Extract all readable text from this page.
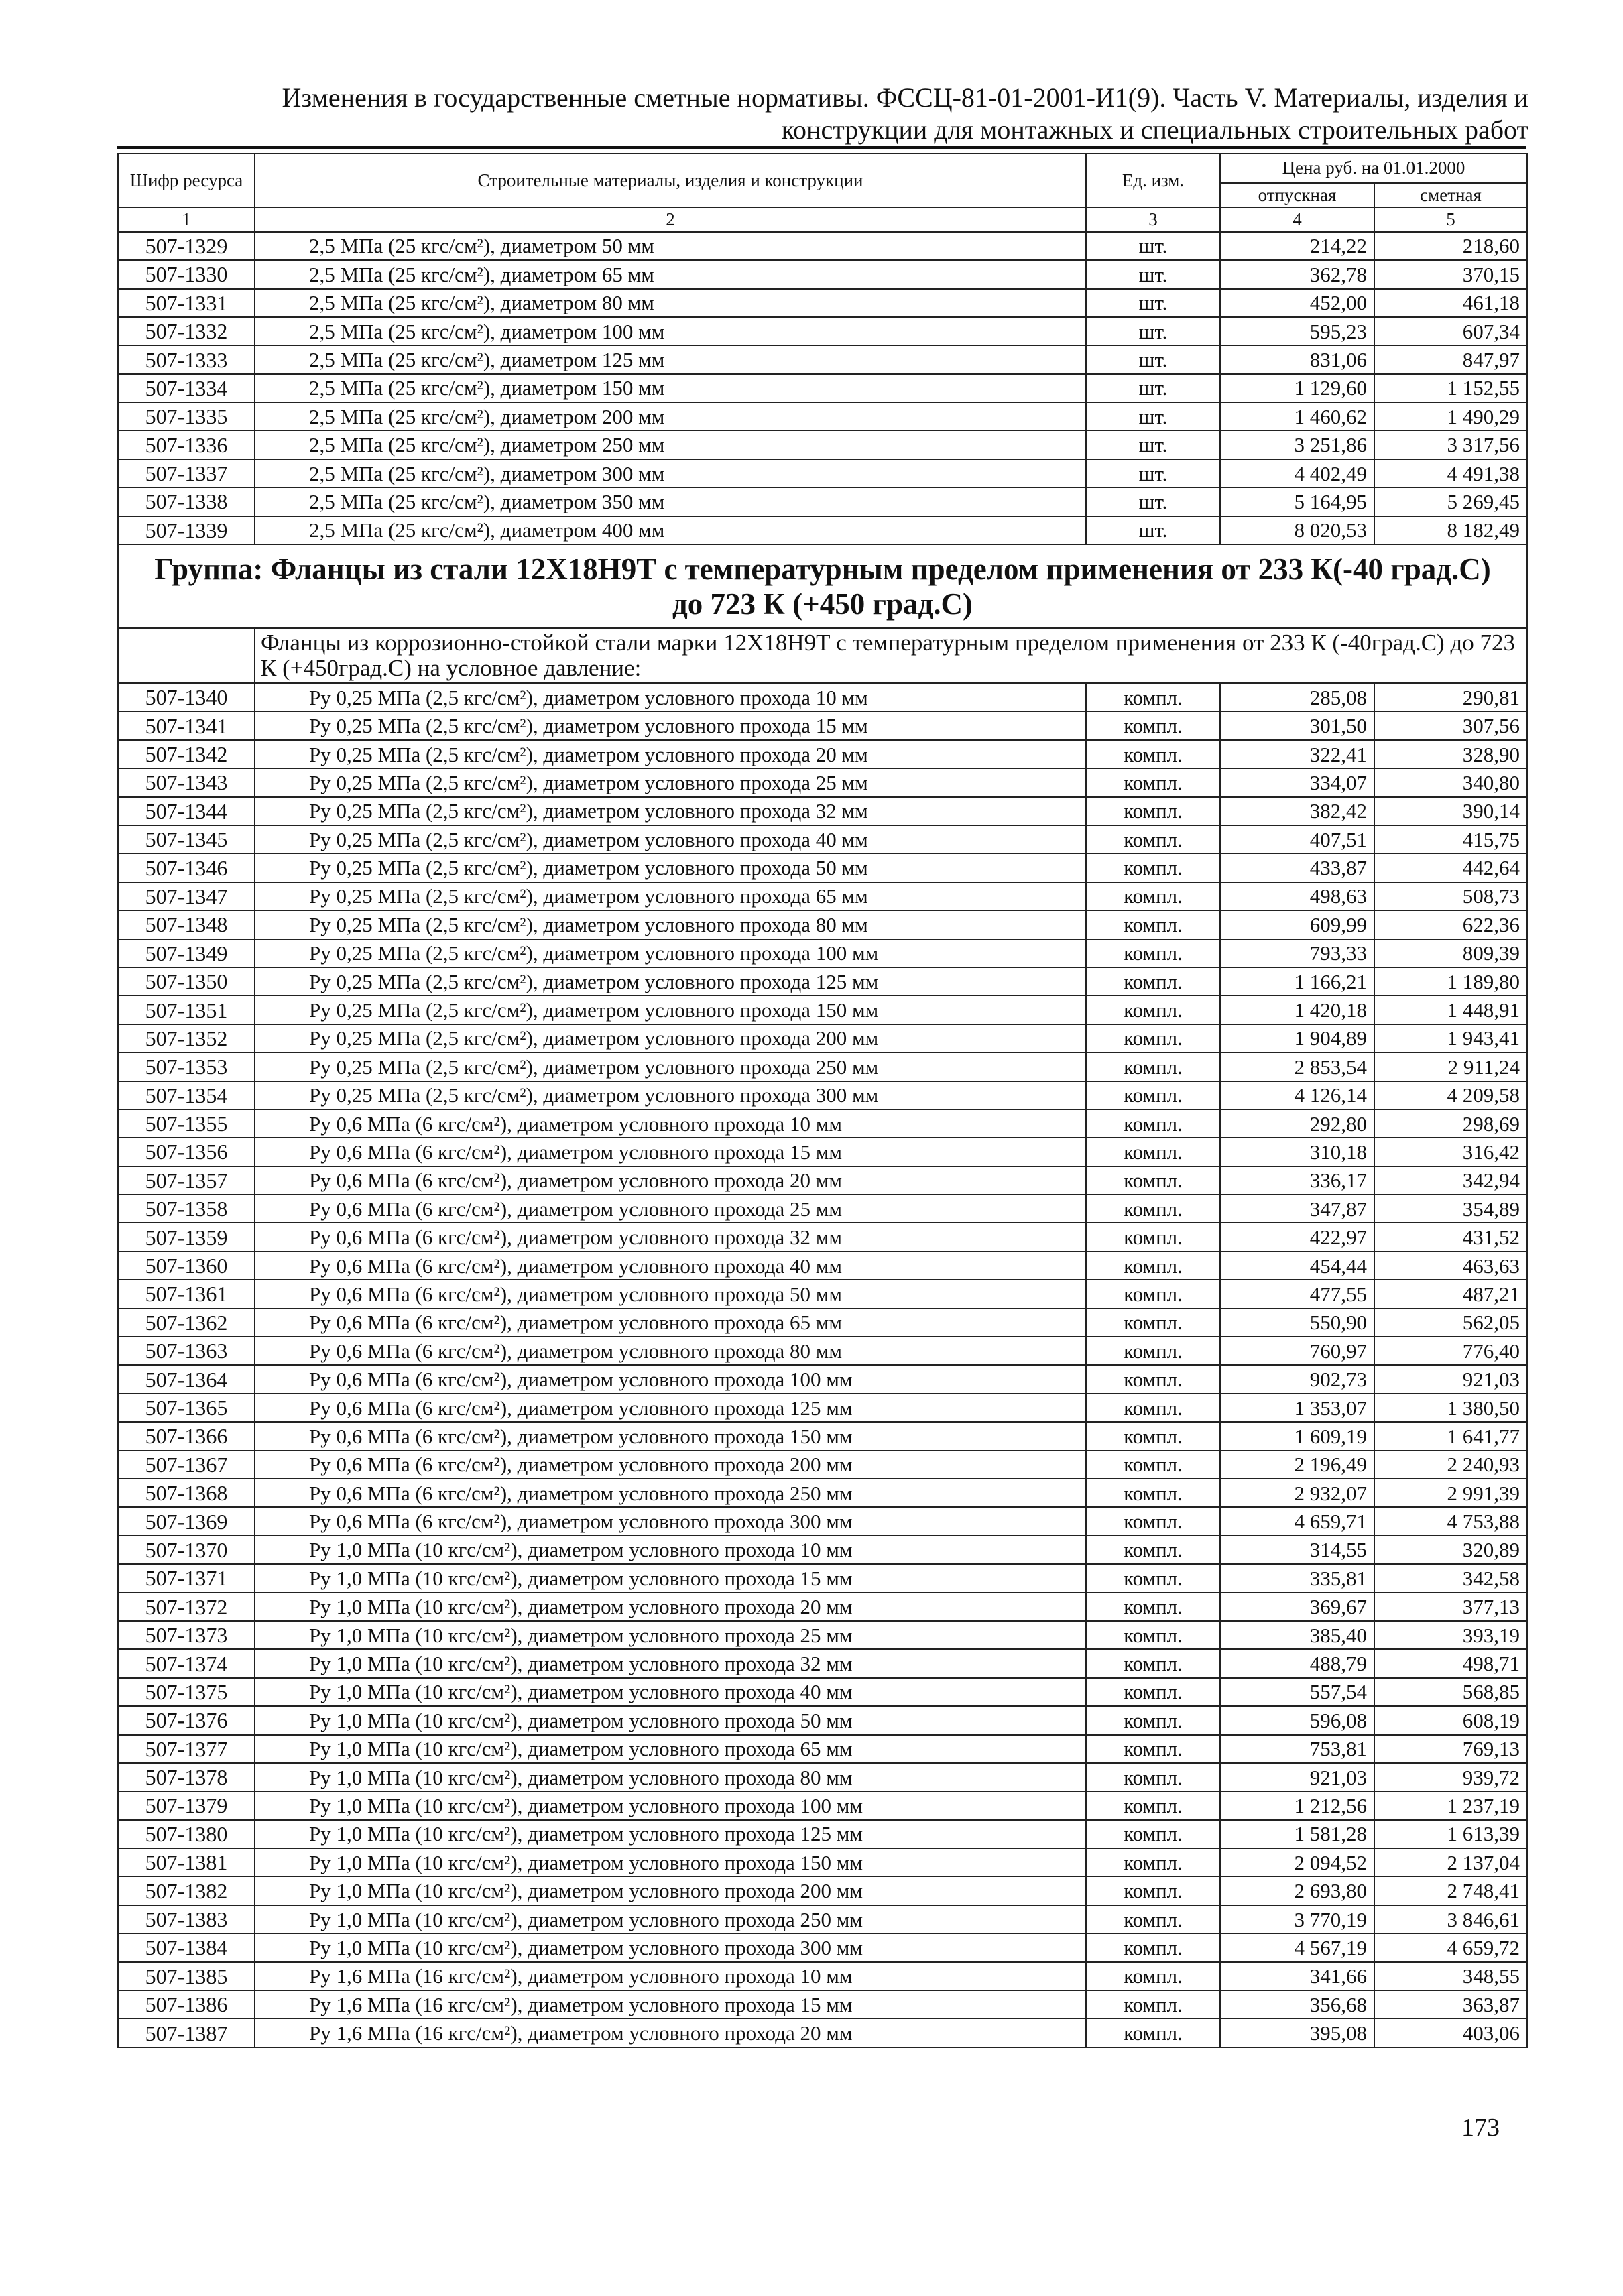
Изменения в государственные сметные нормативы. ФССЦ-81-01-2001-И1(9). Часть V. Материалы, изделия и
конструкции для монтажных и специальных строительных работ
Шифр ресурса	Строительные материалы, изделия и конструкции	Ед. изм.	Цена руб. на 01.01.2000	
			отпускная	сметная
1	2	3	4	5
507-1329	2,5 МПа (25 кгс/см²), диаметром 50 мм	шт.	214,22	218,60
507-1330	2,5 МПа (25 кгс/см²), диаметром 65 мм	шт.	362,78	370,15
507-1331	2,5 МПа (25 кгс/см²), диаметром 80 мм	шт.	452,00	461,18
507-1332	2,5 МПа (25 кгс/см²), диаметром 100 мм	шт.	595,23	607,34
507-1333	2,5 МПа (25 кгс/см²), диаметром 125 мм	шт.	831,06	847,97
507-1334	2,5 МПа (25 кгс/см²), диаметром 150 мм	шт.	1 129,60	1 152,55
507-1335	2,5 МПа (25 кгс/см²), диаметром 200 мм	шт.	1 460,62	1 490,29
507-1336	2,5 МПа (25 кгс/см²), диаметром 250 мм	шт.	3 251,86	3 317,56
507-1337	2,5 МПа (25 кгс/см²), диаметром 300 мм	шт.	4 402,49	4 491,38
507-1338	2,5 МПа (25 кгс/см²), диаметром 350 мм	шт.	5 164,95	5 269,45
507-1339	2,5 МПа (25 кгс/см²), диаметром 400 мм	шт.	8 020,53	8 182,49
Группа: Фланцы из стали 12Х18Н9Т с температурным пределом применения от 233 К(-40 град.С) до 723 К (+450 град.С)				
	Фланцы из коррозионно-стойкой стали марки 12Х18Н9Т с температурным пределом применения от 233 К (-40град.С) до 723 К (+450град.С) на условное давление:			
507-1340	Ру 0,25 МПа (2,5 кгс/см²), диаметром условного прохода 10 мм	компл.	285,08	290,81
507-1341	Ру 0,25 МПа (2,5 кгс/см²), диаметром условного прохода 15 мм	компл.	301,50	307,56
507-1342	Ру 0,25 МПа (2,5 кгс/см²), диаметром условного прохода 20 мм	компл.	322,41	328,90
507-1343	Ру 0,25 МПа (2,5 кгс/см²), диаметром условного прохода 25 мм	компл.	334,07	340,80
507-1344	Ру 0,25 МПа (2,5 кгс/см²), диаметром условного прохода 32 мм	компл.	382,42	390,14
507-1345	Ру 0,25 МПа (2,5 кгс/см²), диаметром условного прохода 40 мм	компл.	407,51	415,75
507-1346	Ру 0,25 МПа (2,5 кгс/см²), диаметром условного прохода 50 мм	компл.	433,87	442,64
507-1347	Ру 0,25 МПа (2,5 кгс/см²), диаметром условного прохода 65 мм	компл.	498,63	508,73
507-1348	Ру 0,25 МПа (2,5 кгс/см²), диаметром условного прохода 80 мм	компл.	609,99	622,36
507-1349	Ру 0,25 МПа (2,5 кгс/см²), диаметром условного прохода 100 мм	компл.	793,33	809,39
507-1350	Ру 0,25 МПа (2,5 кгс/см²), диаметром условного прохода 125 мм	компл.	1 166,21	1 189,80
507-1351	Ру 0,25 МПа (2,5 кгс/см²), диаметром условного прохода 150 мм	компл.	1 420,18	1 448,91
507-1352	Ру 0,25 МПа (2,5 кгс/см²), диаметром условного прохода 200 мм	компл.	1 904,89	1 943,41
507-1353	Ру 0,25 МПа (2,5 кгс/см²), диаметром условного прохода 250 мм	компл.	2 853,54	2 911,24
507-1354	Ру 0,25 МПа (2,5 кгс/см²), диаметром условного прохода 300 мм	компл.	4 126,14	4 209,58
507-1355	Ру 0,6 МПа (6 кгс/см²), диаметром условного прохода 10 мм	компл.	292,80	298,69
507-1356	Ру 0,6 МПа (6 кгс/см²), диаметром условного прохода 15 мм	компл.	310,18	316,42
507-1357	Ру 0,6 МПа (6 кгс/см²), диаметром условного прохода 20 мм	компл.	336,17	342,94
507-1358	Ру 0,6 МПа (6 кгс/см²), диаметром условного прохода 25 мм	компл.	347,87	354,89
507-1359	Ру 0,6 МПа (6 кгс/см²), диаметром условного прохода 32 мм	компл.	422,97	431,52
507-1360	Ру 0,6 МПа (6 кгс/см²), диаметром условного прохода 40 мм	компл.	454,44	463,63
507-1361	Ру 0,6 МПа (6 кгс/см²), диаметром условного прохода 50 мм	компл.	477,55	487,21
507-1362	Ру 0,6 МПа (6 кгс/см²), диаметром условного прохода 65 мм	компл.	550,90	562,05
507-1363	Ру 0,6 МПа (6 кгс/см²), диаметром условного прохода 80 мм	компл.	760,97	776,40
507-1364	Ру 0,6 МПа (6 кгс/см²), диаметром условного прохода 100 мм	компл.	902,73	921,03
507-1365	Ру 0,6 МПа (6 кгс/см²), диаметром условного прохода 125 мм	компл.	1 353,07	1 380,50
507-1366	Ру 0,6 МПа (6 кгс/см²), диаметром условного прохода 150 мм	компл.	1 609,19	1 641,77
507-1367	Ру 0,6 МПа (6 кгс/см²), диаметром условного прохода 200 мм	компл.	2 196,49	2 240,93
507-1368	Ру 0,6 МПа (6 кгс/см²), диаметром условного прохода 250 мм	компл.	2 932,07	2 991,39
507-1369	Ру 0,6 МПа (6 кгс/см²), диаметром условного прохода 300 мм	компл.	4 659,71	4 753,88
507-1370	Ру 1,0 МПа (10 кгс/см²), диаметром условного прохода 10 мм	компл.	314,55	320,89
507-1371	Ру 1,0 МПа (10 кгс/см²), диаметром условного прохода 15 мм	компл.	335,81	342,58
507-1372	Ру 1,0 МПа (10 кгс/см²), диаметром условного прохода 20 мм	компл.	369,67	377,13
507-1373	Ру 1,0 МПа (10 кгс/см²), диаметром условного прохода 25 мм	компл.	385,40	393,19
507-1374	Ру 1,0 МПа (10 кгс/см²), диаметром условного прохода 32 мм	компл.	488,79	498,71
507-1375	Ру 1,0 МПа (10 кгс/см²), диаметром условного прохода 40 мм	компл.	557,54	568,85
507-1376	Ру 1,0 МПа (10 кгс/см²), диаметром условного прохода 50 мм	компл.	596,08	608,19
507-1377	Ру 1,0 МПа (10 кгс/см²), диаметром условного прохода 65 мм	компл.	753,81	769,13
507-1378	Ру 1,0 МПа (10 кгс/см²), диаметром условного прохода 80 мм	компл.	921,03	939,72
507-1379	Ру 1,0 МПа (10 кгс/см²), диаметром условного прохода 100 мм	компл.	1 212,56	1 237,19
507-1380	Ру 1,0 МПа (10 кгс/см²), диаметром условного прохода 125 мм	компл.	1 581,28	1 613,39
507-1381	Ру 1,0 МПа (10 кгс/см²), диаметром условного прохода 150 мм	компл.	2 094,52	2 137,04
507-1382	Ру 1,0 МПа (10 кгс/см²), диаметром условного прохода 200 мм	компл.	2 693,80	2 748,41
507-1383	Ру 1,0 МПа (10 кгс/см²), диаметром условного прохода 250 мм	компл.	3 770,19	3 846,61
507-1384	Ру 1,0 МПа (10 кгс/см²), диаметром условного прохода 300 мм	компл.	4 567,19	4 659,72
507-1385	Ру 1,6 МПа (16 кгс/см²), диаметром условного прохода 10 мм	компл.	341,66	348,55
507-1386	Ру 1,6 МПа (16 кгс/см²), диаметром условного прохода 15 мм	компл.	356,68	363,87
507-1387	Ру 1,6 МПа (16 кгс/см²), диаметром условного прохода 20 мм	компл.	395,08	403,06
173
